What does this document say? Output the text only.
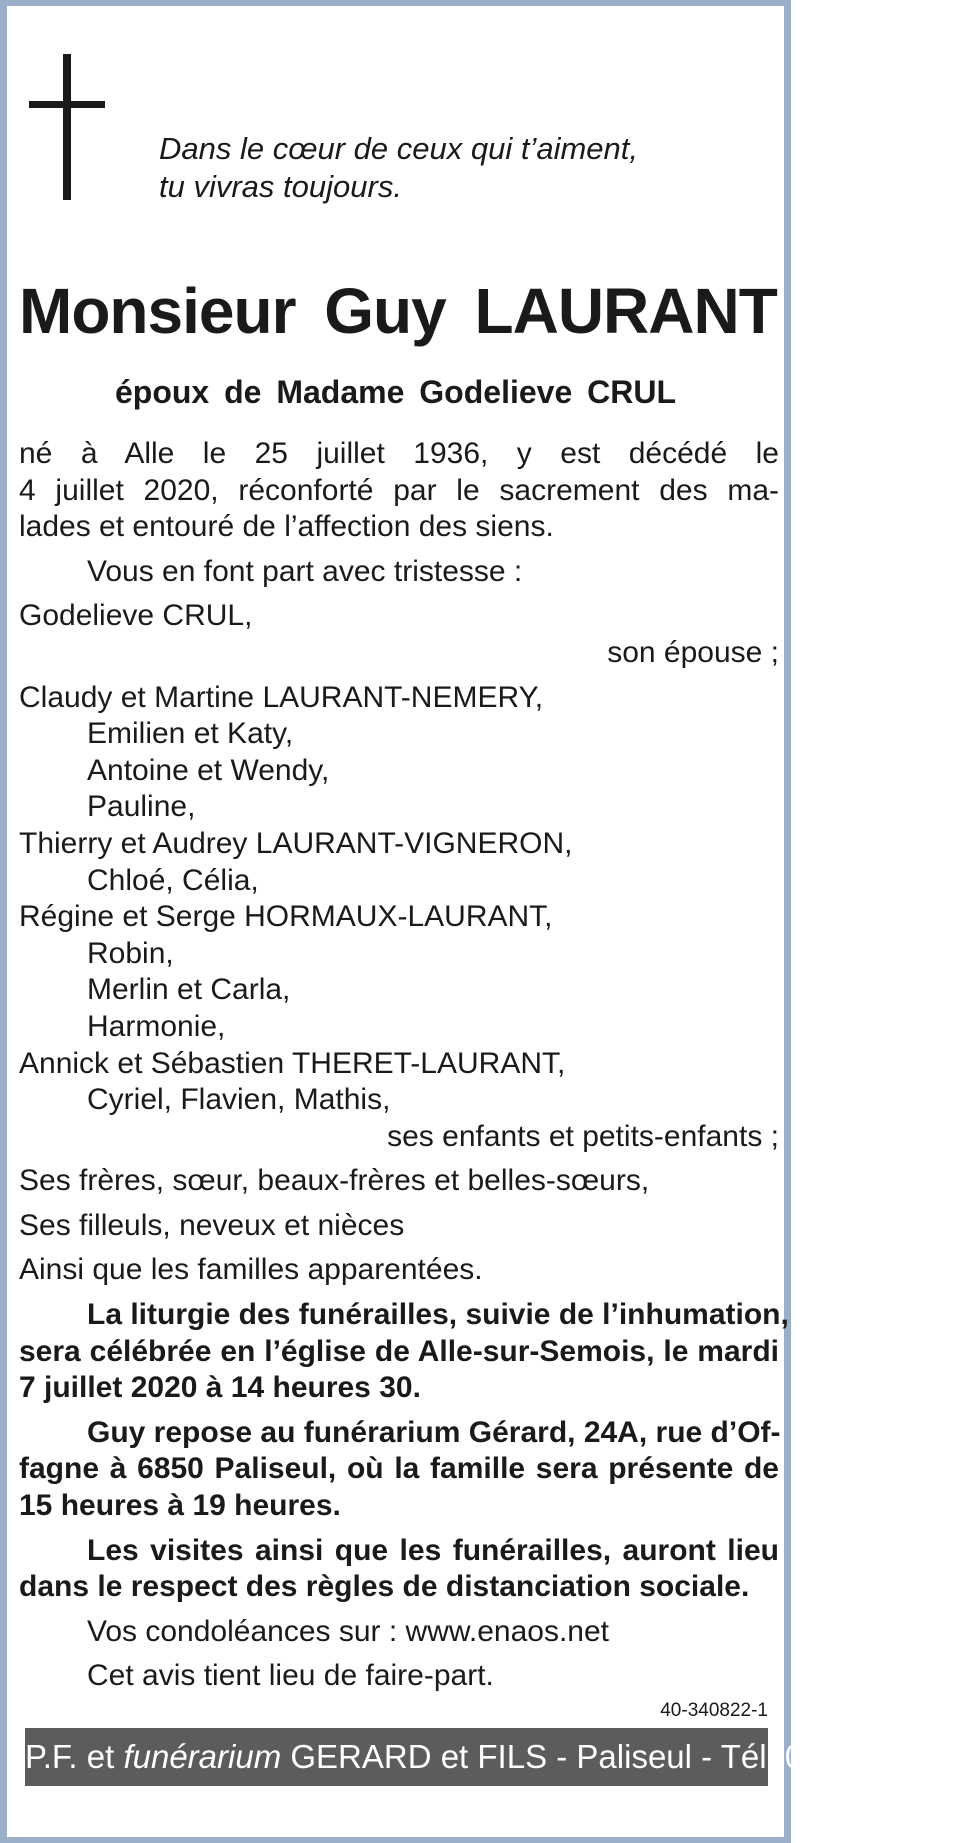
Dans le cœur de ceux qui t’aiment,
tu vivras toujours.
Monsieur Guy LAURANT
époux de Madame Godelieve CRUL

né à Alle le 25 juillet 1936, y est décédé le

4 juillet 2020, réconforté par le sacrement des ma-

lades et entouré de l’affection des siens.

Vous en font part avec tristesse :

Godelieve CRUL,

son épouse ;

Claudy et Martine LAURANT-NEMERY,

Emilien et Katy,

Antoine et Wendy,

Pauline,

Thierry et Audrey LAURANT-VIGNERON,

Chloé, Célia,

Régine et Serge HORMAUX-LAURANT,

Robin,

Merlin et Carla,

Harmonie,

Annick et Sébastien THERET-LAURANT,

Cyriel, Flavien, Mathis,

ses enfants et petits-enfants ;

Ses frères, sœur, beaux-frères et belles-sœurs,

Ses filleuls, neveux et nièces

Ainsi que les familles apparentées.

La liturgie des funérailles, suivie de l’inhumation,

sera célébrée en l’église de Alle-sur-Semois, le mardi

7 juillet 2020 à 14 heures 30.

Guy repose au funérarium Gérard, 24A, rue d’Of-

fagne à 6850 Paliseul, où la famille sera présente de

15 heures à 19 heures.

Les visites ainsi que les funérailles, auront lieu

dans le respect des règles de distanciation sociale.

Vos condoléances sur : www.enaos.net

Cet avis tient lieu de faire-part.

40-340822-1
P.F. et funérarium GERARD et FILS - Paliseul - Tél. 061 53 32 84
